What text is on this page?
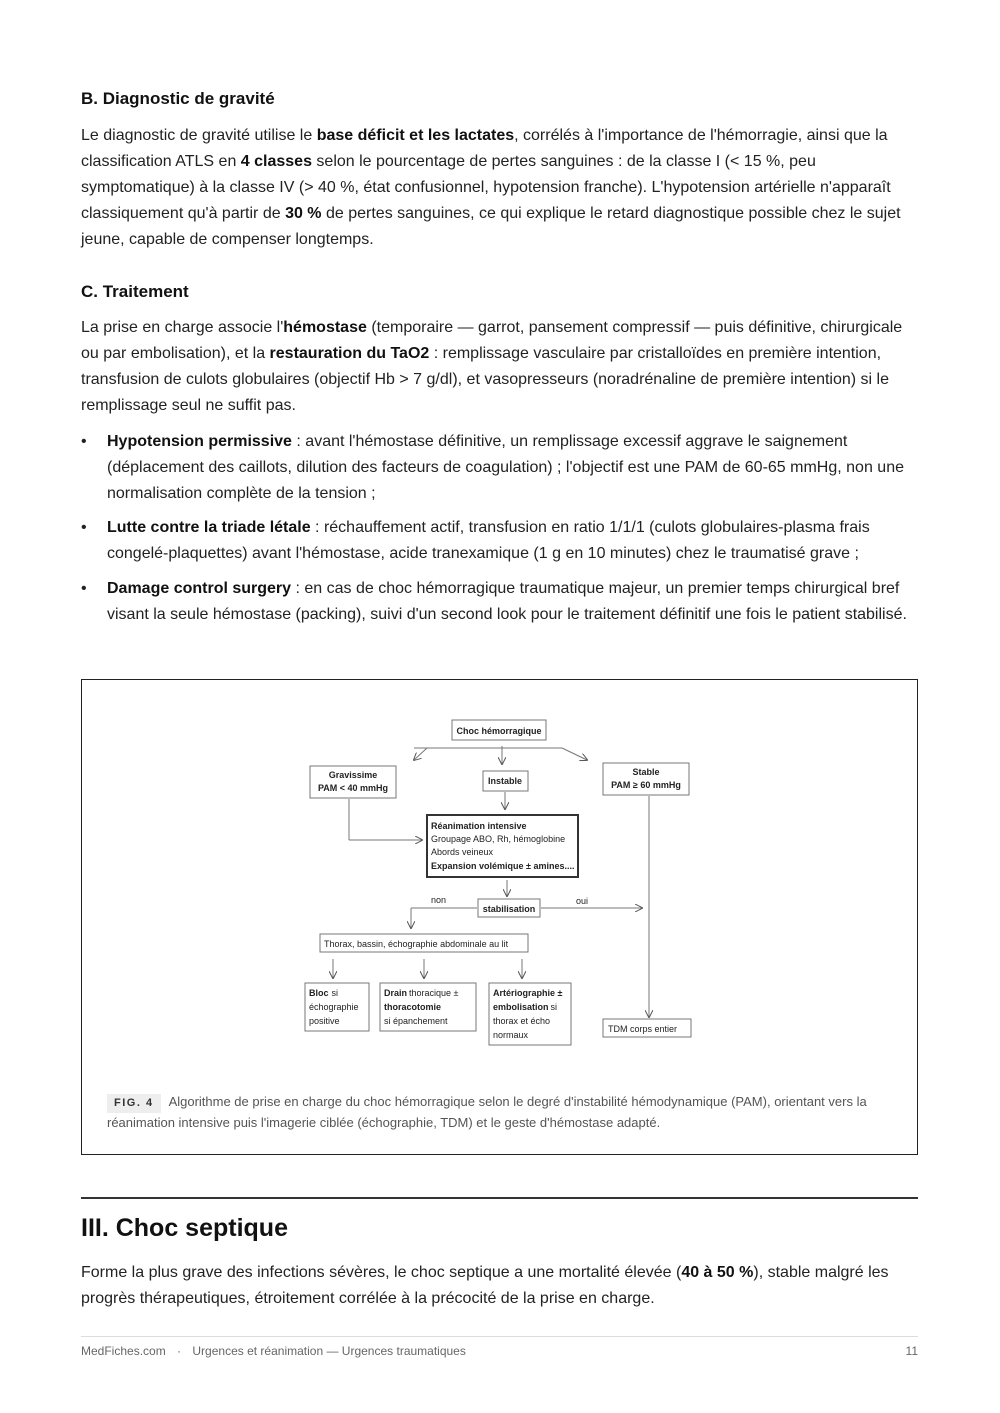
B. Diagnostic de gravité

Le diagnostic de gravité utilise le base déficit et les lactates, corrélés à l'importance de l'hémorragie, ainsi que la classification ATLS en 4 classes selon le pourcentage de pertes sanguines : de la classe I (< 15 %, peu symptomatique) à la classe IV (> 40 %, état confusionnel, hypotension franche). L'hypotension artérielle n'apparaît classiquement qu'à partir de 30 % de pertes sanguines, ce qui explique le retard diagnostique possible chez le sujet jeune, capable de compenser longtemps.

C. Traitement

La prise en charge associe l'hémostase (temporaire — garrot, pansement compressif — puis définitive, chirurgicale ou par embolisation), et la restauration du TaO2 : remplissage vasculaire par cristalloïdes en première intention, transfusion de culots globulaires (objectif Hb > 7 g/dl), et vasopresseurs (noradrénaline de première intention) si le remplissage seul ne suffit pas.

• Hypotension permissive : avant l'hémostase définitive, un remplissage excessif aggrave le saignement (déplacement des caillots, dilution des facteurs de coagulation) ; l'objectif est une PAM de 60-65 mmHg, non une normalisation complète de la tension ;
• Lutte contre la triade létale : réchauffement actif, transfusion en ratio 1/1/1 (culots globulaires-plasma frais congelé-plaquettes) avant l'hémostase, acide tranexamique (1 g en 10 minutes) chez le traumatisé grave ;
• Damage control surgery : en cas de choc hémorragique traumatique majeur, un premier temps chirurgical bref visant la seule hémostase (packing), suivi d'un second look pour le traitement définitif une fois le patient stabilisé.
Choc hémorragique
Gravissime
PAM < 40 mmHg
Instable
Stable
PAM ≥ 60 mmHg
Réanimation intensive
Groupage ABO, Rh, hémoglobine
Abords veineux
Expansion volémique ± amines....
non
stabilisation
oui
Thorax, bassin, échographie abdominale au lit
Bloc si
échographie
positive
Drain thoracique ±
thoracotomie
si épanchement
Artériographie ±
embolisation si
thorax et écho
normaux
TDM corps entier
FIG. 4 Algorithme de prise en charge du choc hémorragique selon le degré d'instabilité hémodynamique (PAM), orientant vers la réanimation intensive puis l'imagerie ciblée (échographie, TDM) et le geste d'hémostase adapté.
III. Choc septique

Forme la plus grave des infections sévères, le choc septique a une mortalité élevée (40 à 50 %), stable malgré les progrès thérapeutiques, étroitement corrélée à la précocité de la prise en charge.

MedFiches.com · Urgences et réanimation — Urgences traumatiques	11
